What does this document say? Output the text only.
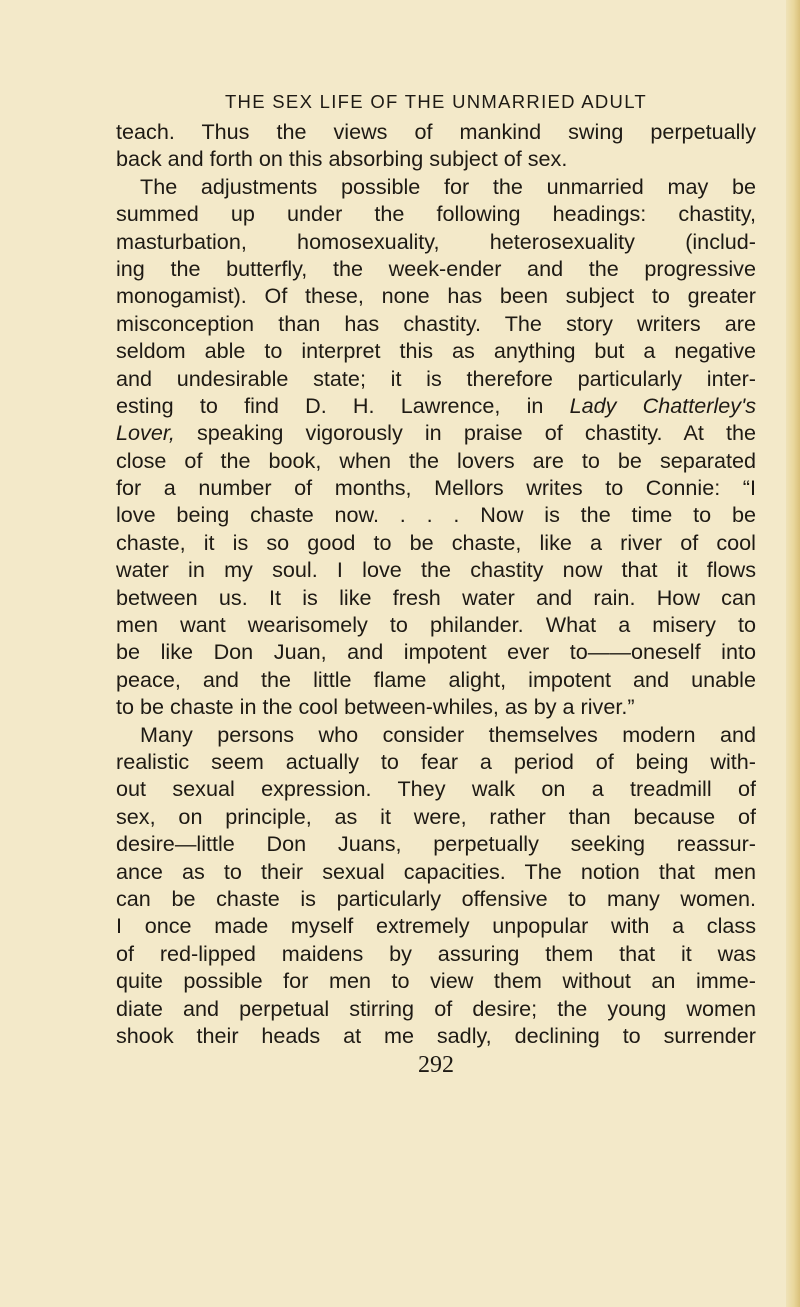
THE SEX LIFE OF THE UNMARRIED ADULT
teach. Thus the views of mankind swing perpetually
back and forth on this absorbing subject of sex.
The adjustments possible for the unmarried may be
summed up under the following headings: chastity,
masturbation, homosexuality, heterosexuality (includ-
ing the butterfly, the week-ender and the progressive
monogamist). Of these, none has been subject to greater
misconception than has chastity. The story writers are
seldom able to interpret this as anything but a negative
and undesirable state; it is therefore particularly inter-
esting to find D. H. Lawrence, in Lady Chatterley's
Lover, speaking vigorously in praise of chastity. At the
close of the book, when the lovers are to be separated
for a number of months, Mellors writes to Connie: “I
love being chaste now. . . . Now is the time to be
chaste, it is so good to be chaste, like a river of cool
water in my soul. I love the chastity now that it flows
between us. It is like fresh water and rain. How can
men want wearisomely to philander. What a misery to
be like Don Juan, and impotent ever to——oneself into
peace, and the little flame alight, impotent and unable
to be chaste in the cool between-whiles, as by a river.”
Many persons who consider themselves modern and
realistic seem actually to fear a period of being with-
out sexual expression. They walk on a treadmill of
sex, on principle, as it were, rather than because of
desire—little Don Juans, perpetually seeking reassur-
ance as to their sexual capacities. The notion that men
can be chaste is particularly offensive to many women.
I once made myself extremely unpopular with a class
of red-lipped maidens by assuring them that it was
quite possible for men to view them without an imme-
diate and perpetual stirring of desire; the young women
shook their heads at me sadly, declining to surrender
292
